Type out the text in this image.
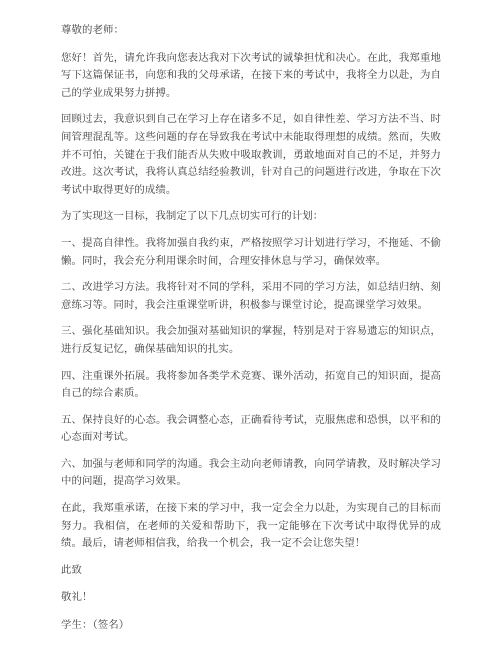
尊敬的老师：

您好！首先，请允许我向您表达我对下次考试的诚挚担忧和决心。在此，我郑重地写下这篇保证书，向您和我的父母承诺，在接下来的考试中，我将全力以赴，为自己的学业成果努力拼搏。

回顾过去，我意识到自己在学习上存在诸多不足，如自律性差、学习方法不当、时间管理混乱等。这些问题的存在导致我在考试中未能取得理想的成绩。然而，失败并不可怕，关键在于我们能否从失败中吸取教训，勇敢地面对自己的不足，并努力改进。这次考试，我将认真总结经验教训，针对自己的问题进行改进，争取在下次考试中取得更好的成绩。

为了实现这一目标，我制定了以下几点切实可行的计划：

一、提高自律性。我将加强自我约束，严格按照学习计划进行学习，不拖延、不偷懒。同时，我会充分利用课余时间，合理安排休息与学习，确保效率。

二、改进学习方法。我将针对不同的学科，采用不同的学习方法，如总结归纳、刻意练习等。同时，我会注重课堂听讲，积极参与课堂讨论，提高课堂学习效果。

三、强化基础知识。我会加强对基础知识的掌握，特别是对于容易遗忘的知识点，进行反复记忆，确保基础知识的扎实。

四、注重课外拓展。我将参加各类学术竞赛、课外活动，拓宽自己的知识面，提高自己的综合素质。

五、保持良好的心态。我会调整心态，正确看待考试，克服焦虑和恐惧，以平和的心态面对考试。

六、加强与老师和同学的沟通。我会主动向老师请教，向同学请教，及时解决学习中的问题，提高学习效果。

在此，我郑重承诺，在接下来的学习中，我一定会全力以赴，为实现自己的目标而努力。我相信，在老师的关爱和帮助下，我一定能够在下次考试中取得优异的成绩。最后，请老师相信我，给我一个机会，我一定不会让您失望！

此致

敬礼！

学生：（签名）
